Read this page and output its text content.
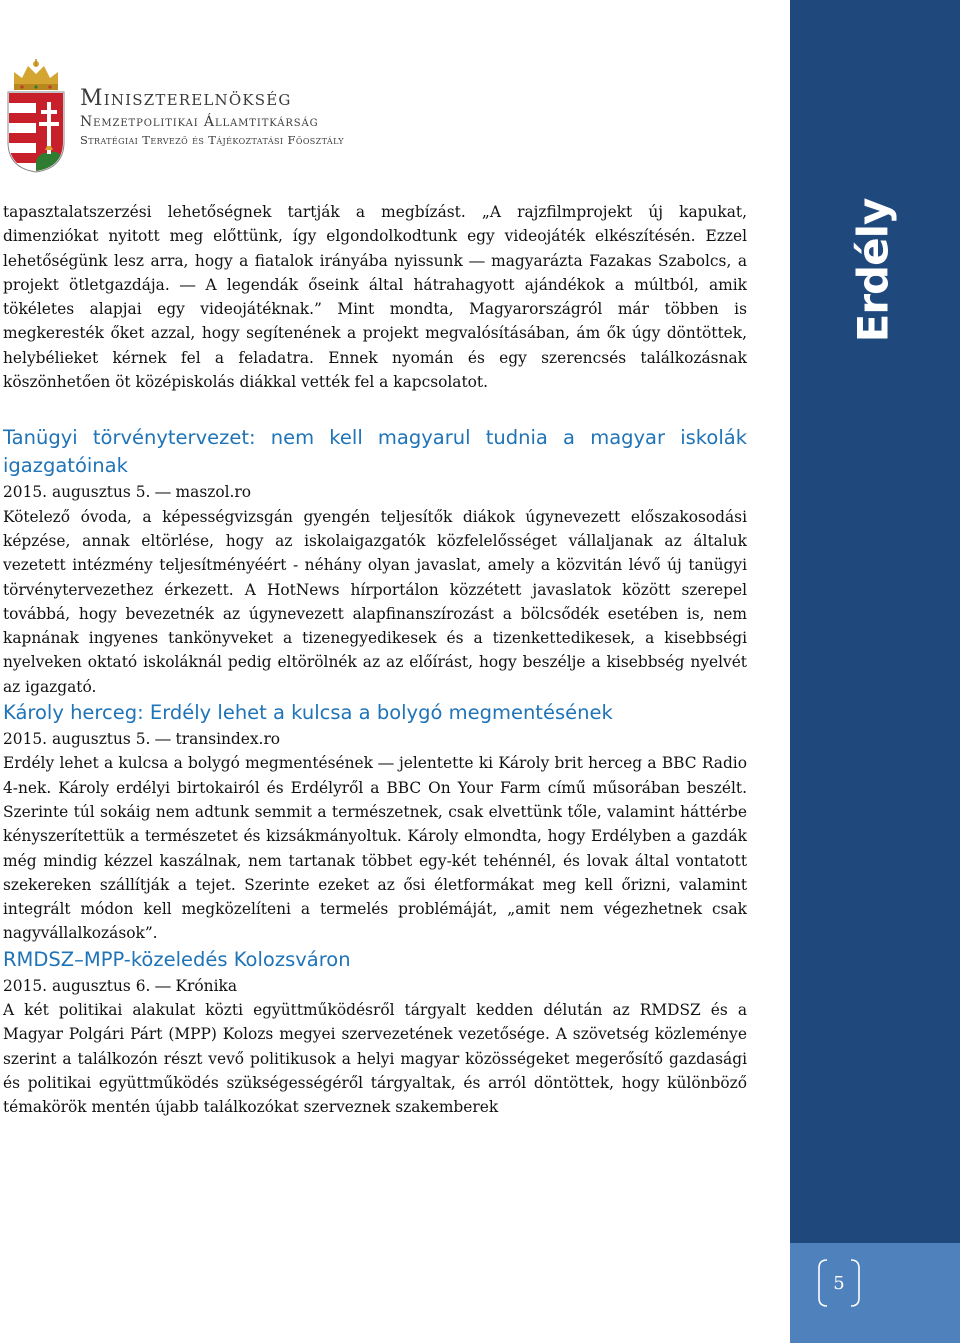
Erdély
5
Miniszterelnökség
Nemzetpolitikai Államtitkárság
Stratégiai Tervező és Tájékoztatási Főosztály

tapasztalatszerzési lehetőségnek tartják a megbízást. „A rajzfilmprojekt új kapukat, dimenziókat nyitott meg előttünk, így elgondolkodtunk egy videojáték elkészítésén. Ezzel lehetőségünk lesz arra, hogy a fiatalok irányába nyissunk ― magyarázta Fazakas Szabolcs, a projekt ötletgazdája. ― A legendák őseink által hátrahagyott ajándékok a múltból, amik tökéletes alapjai egy videojátéknak.” Mint mondta, Magyarországról már többen is megkeresték őket azzal, hogy segítenének a projekt megvalósításában, ám ők úgy döntöttek, helybélieket kérnek fel a feladatra. Ennek nyomán és egy szerencsés találkozásnak köszönhetően öt középiskolás diákkal vették fel a kapcsolatot.

Tanügyi törvénytervezet: nem kell magyarul tudnia a magyar iskolák igazgatóinak

2015. augusztus 5. ― maszol.ro

Kötelező óvoda, a képességvizsgán gyengén teljesítők diákok úgynevezett előszakosodási képzése, annak eltörlése, hogy az iskolaigazgatók közfelelősséget vállaljanak az általuk vezetett intézmény teljesítményéért - néhány olyan javaslat, amely a közvitán lévő új tanügyi törvénytervezethez érkezett. A HotNews hírportálon közzétett javaslatok között szerepel továbbá, hogy bevezetnék az úgynevezett alapfinanszírozást a bölcsődék esetében is, nem kapnának ingyenes tankönyveket a tizenegyedikesek és a tizenkettedikesek, a kisebbségi nyelveken oktató iskoláknál pedig eltörölnék az az előírást, hogy beszélje a kisebbség nyelvét az igazgató.

Károly herceg: Erdély lehet a kulcsa a bolygó megmentésének

2015. augusztus 5. ― transindex.ro

Erdély lehet a kulcsa a bolygó megmentésének ― jelentette ki Károly brit herceg a BBC Radio 4-nek. Károly erdélyi birtokairól és Erdélyről a BBC On Your Farm című műsorában beszélt. Szerinte túl sokáig nem adtunk semmit a természetnek, csak elvettünk tőle, valamint háttérbe kényszerítettük a természetet és kizsákmányoltuk. Károly elmondta, hogy Erdélyben a gazdák még mindig kézzel kaszálnak, nem tartanak többet egy-két tehénnél, és lovak által vontatott szekereken szállítják a tejet. Szerinte ezeket az ősi életformákat meg kell őrizni, valamint integrált módon kell megközelíteni a termelés problémáját, „amit nem végezhetnek csak nagyvállalkozások”.

RMDSZ–MPP-közeledés Kolozsváron

2015. augusztus 6. ― Krónika

A két politikai alakulat közti együttműködésről tárgyalt kedden délután az RMDSZ és a Magyar Polgári Párt (MPP) Kolozs megyei szervezetének vezetősége. A szövetség közleménye szerint a találkozón részt vevő politikusok a helyi magyar közösségeket megerősítő gazdasági és politikai együttműködés szükségességéről tárgyaltak, és arról döntöttek, hogy különböző témakörök mentén újabb találkozókat szerveznek szakemberek
